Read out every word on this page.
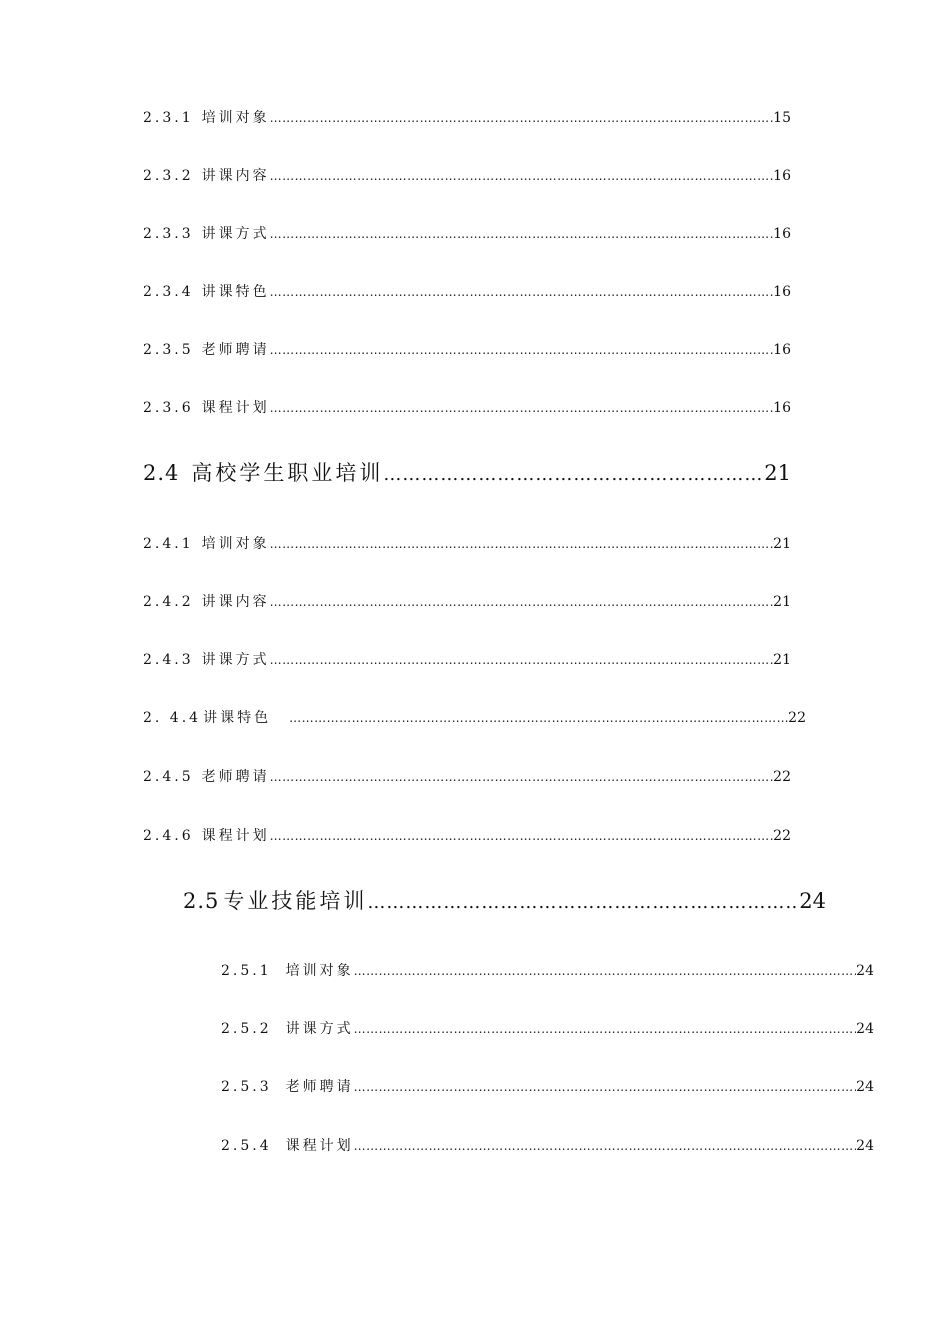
2.3.1 培训对象 ………………………………………………………………………………………………………………………………………………………………………………………………………………………………	15
2.3.2 讲课内容 ………………………………………………………………………………………………………………………………………………………………………………………………………………………………	16
2.3.3 讲课方式 ………………………………………………………………………………………………………………………………………………………………………………………………………………………………	16
2.3.4 讲课特色 ………………………………………………………………………………………………………………………………………………………………………………………………………………………………	16
2.3.5 老师聘请 ………………………………………………………………………………………………………………………………………………………………………………………………………………………………	16
2.3.6 课程计划 ………………………………………………………………………………………………………………………………………………………………………………………………………………………………	16
2.4 高校学生职业培训 ………………………………………………………………………………………………………………………………………………………………………………………………………………………………	21
2.4.1 培训对象 ………………………………………………………………………………………………………………………………………………………………………………………………………………………………	21
2.4.2 讲课内容 ………………………………………………………………………………………………………………………………………………………………………………………………………………………………	21
2.4.3 讲课方式 ………………………………………………………………………………………………………………………………………………………………………………………………………………………………	21
2. 4.4 讲课特色 ………………………………………………………………………………………………………………………………………………………………………………………………………………………………	22
2.4.5 老师聘请 ………………………………………………………………………………………………………………………………………………………………………………………………………………………………	22
2.4.6 课程计划 ………………………………………………………………………………………………………………………………………………………………………………………………………………………………	22
2.5 专业技能培训 ………………………………………………………………………………………………………………………………………………………………………………………………………………………………	24
2.5.1 培训对象 ………………………………………………………………………………………………………………………………………………………………………………………………………………………………	24
2.5.2 讲课方式 ………………………………………………………………………………………………………………………………………………………………………………………………………………………………	24
2.5.3 老师聘请 ………………………………………………………………………………………………………………………………………………………………………………………………………………………………	24
2.5.4 课程计划 ………………………………………………………………………………………………………………………………………………………………………………………………………………………………	24
